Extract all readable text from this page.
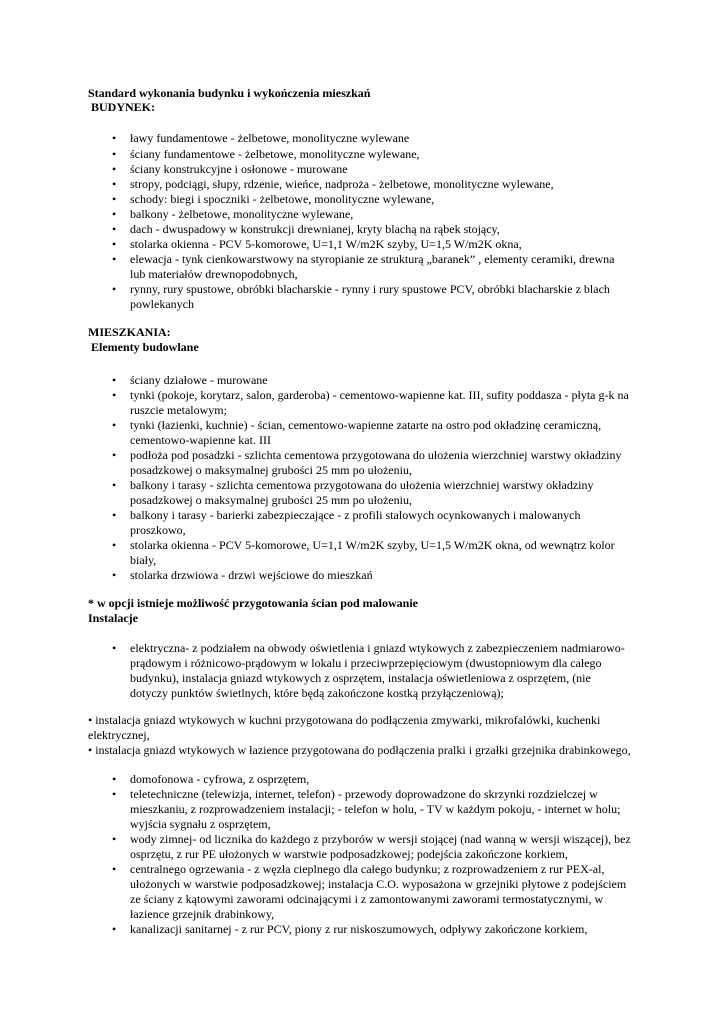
Standard wykonania budynku i wykończenia mieszkań
BUDYNEK:
• ławy fundamentowe - żelbetowe, monolityczne wylewane
• ściany fundamentowe - żelbetowe, monolityczne wylewane,
• ściany konstrukcyjne i osłonowe - murowane
• stropy, podciągi, słupy, rdzenie, wieńce, nadproża - żelbetowe, monolityczne wylewane,
• schody: biegi i spoczniki - żelbetowe, monolityczne wylewane,
• balkony - żelbetowe, monolityczne wylewane,
• dach - dwuspadowy w konstrukcji drewnianej, kryty blachą na rąbek stojący,
• stolarka okienna - PCV 5-komorowe, U=1,1 W/m2K szyby, U=1,5 W/m2K okna,
• elewacja - tynk cienkowarstwowy na styropianie ze strukturą „baranek” , elementy ceramiki, drewna
lub materiałów drewnopodobnych,
• rynny, rury spustowe, obróbki blacharskie - rynny i rury spustowe PCV, obróbki blacharskie z blach
powlekanych
MIESZKANIA:
Elementy budowlane
• ściany działowe - murowane
• tynki (pokoje, korytarz, salon, garderoba) - cementowo-wapienne kat. III, sufity poddasza - płyta g-k na
ruszcie metalowym;
• tynki (łazienki, kuchnie) - ścian, cementowo-wapienne zatarte na ostro pod okładzinę ceramiczną,
cementowo-wapienne kat. III
• podłoża pod posadzki - szlichta cementowa przygotowana do ułożenia wierzchniej warstwy okładziny
posadzkowej o maksymalnej grubości 25 mm po ułożeniu,
• balkony i tarasy - szlichta cementowa przygotowana do ułożenia wierzchniej warstwy okładziny
posadzkowej o maksymalnej grubości 25 mm po ułożeniu,
• balkony i tarasy - barierki zabezpieczające - z profili stalowych ocynkowanych i malowanych
proszkowo,
• stolarka okienna - PCV 5-komorowe, U=1,1 W/m2K szyby, U=1,5 W/m2K okna, od wewnątrz kolor
biały,
• stolarka drzwiowa - drzwi wejściowe do mieszkań
* w opcji istnieje możliwość przygotowania ścian pod malowanie
Instalacje
• elektryczna- z podziałem na obwody oświetlenia i gniazd wtykowych z zabezpieczeniem nadmiarowo-
prądowym i różnicowo-prądowym w lokalu i przeciwprzepięciowym (dwustopniowym dla całego
budynku), instalacja gniazd wtykowych z osprzętem, instalacja oświetleniowa z osprzętem, (nie
dotyczy punktów świetlnych, które będą zakończone kostką przyłączeniową);
• instalacja gniazd wtykowych w kuchni przygotowana do podłączenia zmywarki, mikrofalówki, kuchenki
elektrycznej,
• instalacja gniazd wtykowych w łazience przygotowana do podłączenia pralki i grzałki grzejnika drabinkowego,
• domofonowa - cyfrowa, z osprzętem,
• teletechniczne (telewizja, internet, telefon) - przewody doprowadzone do skrzynki rozdzielczej w
mieszkaniu, z rozprowadzeniem instalacji; - telefon w holu, - TV w każdym pokoju, - internet w holu;
wyjścia sygnału z osprzętem,
• wody zimnej- od licznika do każdego z przyborów w wersji stojącej (nad wanną w wersji wiszącej), bez
osprzętu, z rur PE ułożonych w warstwie podposadzkowej; podejścia zakończone korkiem,
• centralnego ogrzewania - z węzła cieplnego dla całego budynku; z rozprowadzeniem z rur PEX-al,
ułożonych w warstwie podposadzkowej; instalacja C.O. wyposażona w grzejniki płytowe z podejściem
ze ściany z kątowymi zaworami odcinającymi i z zamontowanymi zaworami termostatycznymi, w
łazience grzejnik drabinkowy,
• kanalizacji sanitarnej - z rur PCV, piony z rur niskoszumowych, odpływy zakończone korkiem,
